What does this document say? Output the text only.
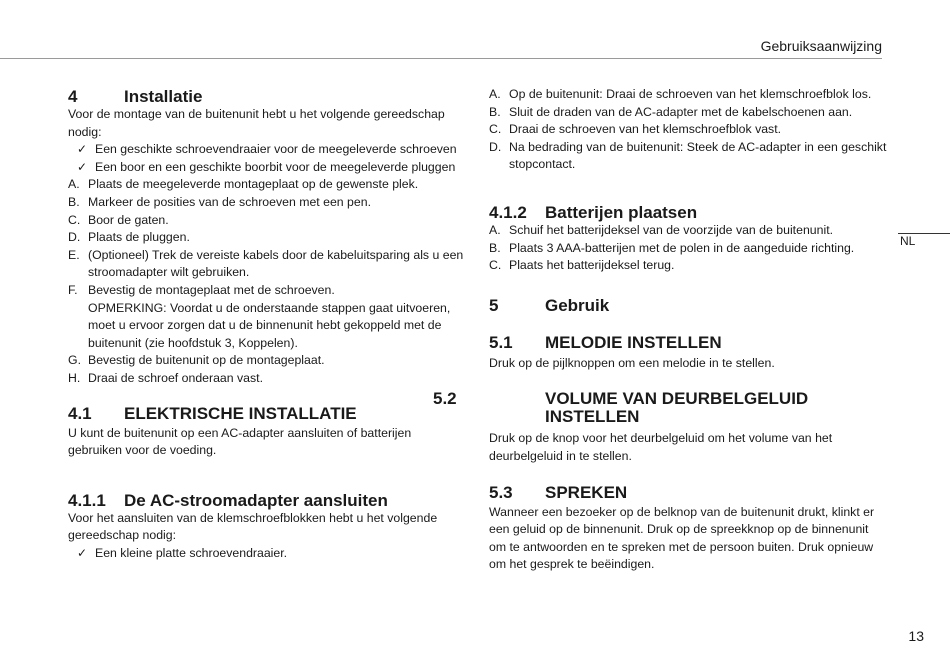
Gebruiksaanwijzing
NL
13
4	Installatie

Voor de montage van de buitenunit hebt u het volgende gereedschap nodig:

✓ Een geschikte schroevendraaier voor de meegeleverde schroeven
✓ Een boor en een geschikte boorbit voor de meegeleverde pluggen
A. Plaats de meegeleverde montageplaat op de gewenste plek.
B. Markeer de posities van de schroeven met een pen.
C. Boor de gaten.
D. Plaats de pluggen.
E. (Optioneel) Trek de vereiste kabels door de kabeluitsparing als u een stroomadapter wilt gebruiken.
F. Bevestig de montageplaat met de schroeven.
OPMERKING: Voordat u de onderstaande stappen gaat uitvoeren, moet u ervoor zorgen dat u de binnenunit hebt gekoppeld met de buitenunit (zie hoofdstuk 3, Koppelen).
G. Bevestig de buitenunit op de montageplaat.
H. Draai de schroef onderaan vast.
4.1 ELEKTRISCHE INSTALLATIE

U kunt de buitenunit op een AC-adapter aansluiten of batterijen gebruiken voor de voeding.

4.1.1 De AC-stroomadapter aansluiten

Voor het aansluiten van de klemschroefblokken hebt u het volgende gereedschap nodig:

✓ Een kleine platte schroevendraaier.
A. Op de buitenunit: Draai de schroeven van het klemschroefblok los.
B. Sluit de draden van de AC-adapter met de kabelschoenen aan.
C. Draai de schroeven van het klemschroefblok vast.
D. Na bedrading van de buitenunit: Steek de AC-adapter in een geschikt stopcontact.
4.1.2 Batterijen plaatsen
A. Schuif het batterijdeksel van de voorzijde van de buitenunit.
B. Plaats 3 AAA-batterijen met de polen in de aangeduide richting.
C. Plaats het batterijdeksel terug.
5	Gebruik
5.1 MELODIE INSTELLEN

Druk op de pijlknoppen om een melodie in te stellen.

5.2	VOLUME VAN DEURBELGELUID INSTELLEN

Druk op de knop voor het deurbelgeluid om het volume van het deurbelgeluid in te stellen.

5.3 SPREKEN

Wanneer een bezoeker op de belknop van de buitenunit drukt, klinkt er een geluid op de binnenunit. Druk op de spreekknop op de binnenunit om te antwoorden en te spreken met de persoon buiten. Druk opnieuw om het gesprek te beëindigen.
